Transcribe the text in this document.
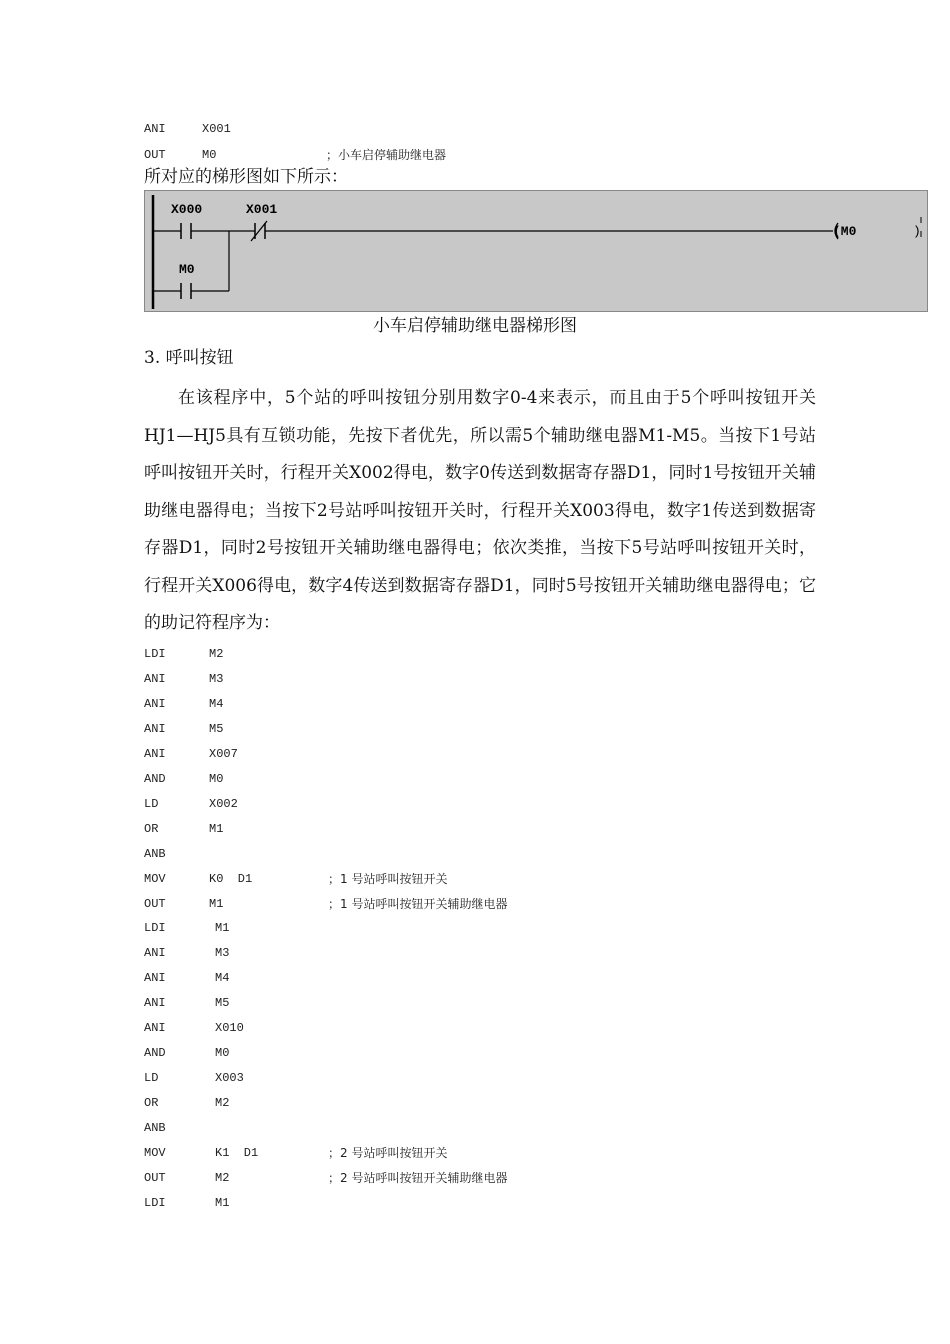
ANI	X001
OUT	M0	；小车启停辅助继电器
所对应的梯形图如下所示：
X000	X001
M0
(M0	)
小车启停辅助继电器梯形图
3. 呼叫按钮
在该程序中，5个站的呼叫按钮分别用数字0-4来表示，而且由于5个呼叫按钮开关HJ1—HJ5具有互锁功能，先按下者优先，所以需5个辅助继电器M1-M5。当按下1号站呼叫按钮开关时，行程开关X002得电，数字0传送到数据寄存器D1，同时1号按钮开关辅助继电器得电；当按下2号站呼叫按钮开关时，行程开关X003得电，数字1传送到数据寄存器D1，同时2号按钮开关辅助继电器得电；依次类推，当按下5号站呼叫按钮开关时，行程开关X006得电，数字4传送到数据寄存器D1，同时5号按钮开关辅助继电器得电；它的助记符程序为：
LDI	M2
ANI	M3
ANI	M4
ANI	M5
ANI	X007
AND	M0
LD	X002
OR	M1
ANB
MOV	K0  D1	；1 号站呼叫按钮开关
OUT	M1	；1 号站呼叫按钮开关辅助继电器
LDI	M1
ANI	M3
ANI	M4
ANI	M5
ANI	X010
AND	M0
LD	X003
OR	M2
ANB
MOV	K1  D1	；2 号站呼叫按钮开关
OUT	M2	；2 号站呼叫按钮开关辅助继电器
LDI	M1
